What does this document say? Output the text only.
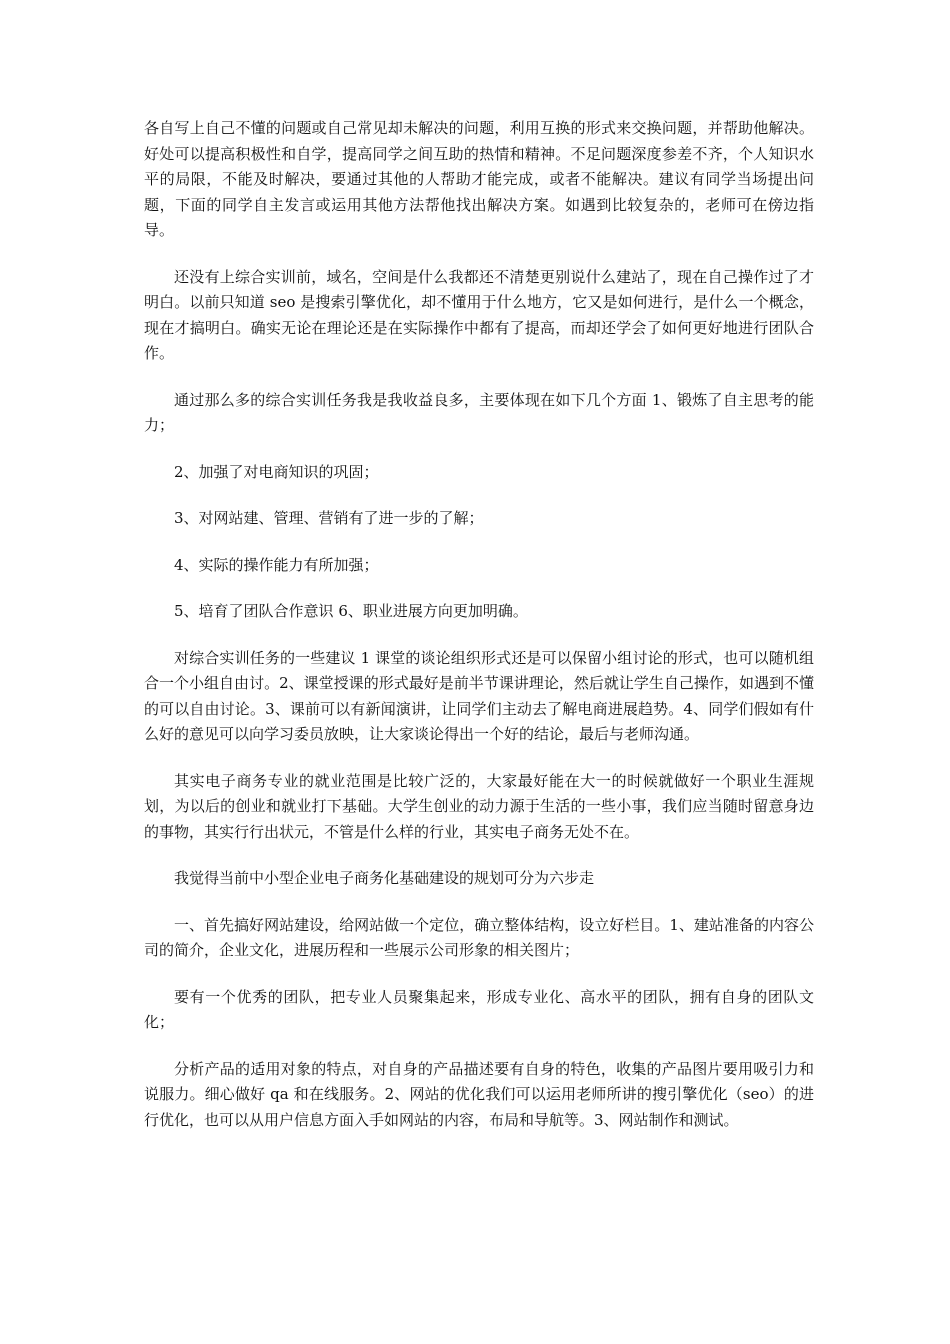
各自写上自己不懂的问题或自己常见却未解决的问题，利用互换的形式来交换问题，并帮助他解决。好处可以提高积极性和自学，提高同学之间互助的热情和精神。不足问题深度参差不齐，个人知识水平的局限，不能及时解决，要通过其他的人帮助才能完成，或者不能解决。建议有同学当场提出问题，下面的同学自主发言或运用其他方法帮他找出解决方案。如遇到比较复杂的，老师可在傍边指导。

还没有上综合实训前，域名，空间是什么我都还不清楚更别说什么建站了，现在自己操作过了才明白。以前只知道 seo 是搜索引擎优化，却不懂用于什么地方，它又是如何进行，是什么一个概念，现在才搞明白。确实无论在理论还是在实际操作中都有了提高，而却还学会了如何更好地进行团队合作。

通过那么多的综合实训任务我是我收益良多，主要体现在如下几个方面 1、锻炼了自主思考的能力；

2、加强了对电商知识的巩固；

3、对网站建、管理、营销有了进一步的了解；

4、实际的操作能力有所加强；

5、培育了团队合作意识 6、职业进展方向更加明确。

对综合实训任务的一些建议 1 课堂的谈论组织形式还是可以保留小组讨论的形式，也可以随机组合一个小组自由讨。2、课堂授课的形式最好是前半节课讲理论，然后就让学生自己操作，如遇到不懂的可以自由讨论。3、课前可以有新闻演讲，让同学们主动去了解电商进展趋势。4、同学们假如有什么好的意见可以向学习委员放映，让大家谈论得出一个好的结论，最后与老师沟通。

其实电子商务专业的就业范围是比较广泛的，大家最好能在大一的时候就做好一个职业生涯规划，为以后的创业和就业打下基础。大学生创业的动力源于生活的一些小事，我们应当随时留意身边的事物，其实行行出状元，不管是什么样的行业，其实电子商务无处不在。

我觉得当前中小型企业电子商务化基础建设的规划可分为六步走

一、首先搞好网站建设，给网站做一个定位，确立整体结构，设立好栏目。1、建站准备的内容公司的简介，企业文化，进展历程和一些展示公司形象的相关图片；

要有一个优秀的团队，把专业人员聚集起来，形成专业化、高水平的团队，拥有自身的团队文化；

分析产品的适用对象的特点，对自身的产品描述要有自身的特色，收集的产品图片要用吸引力和说服力。细心做好 qa 和在线服务。2、网站的优化我们可以运用老师所讲的搜引擎优化（seo）的进行优化，也可以从用户信息方面入手如网站的内容，布局和导航等。3、网站制作和测试。
